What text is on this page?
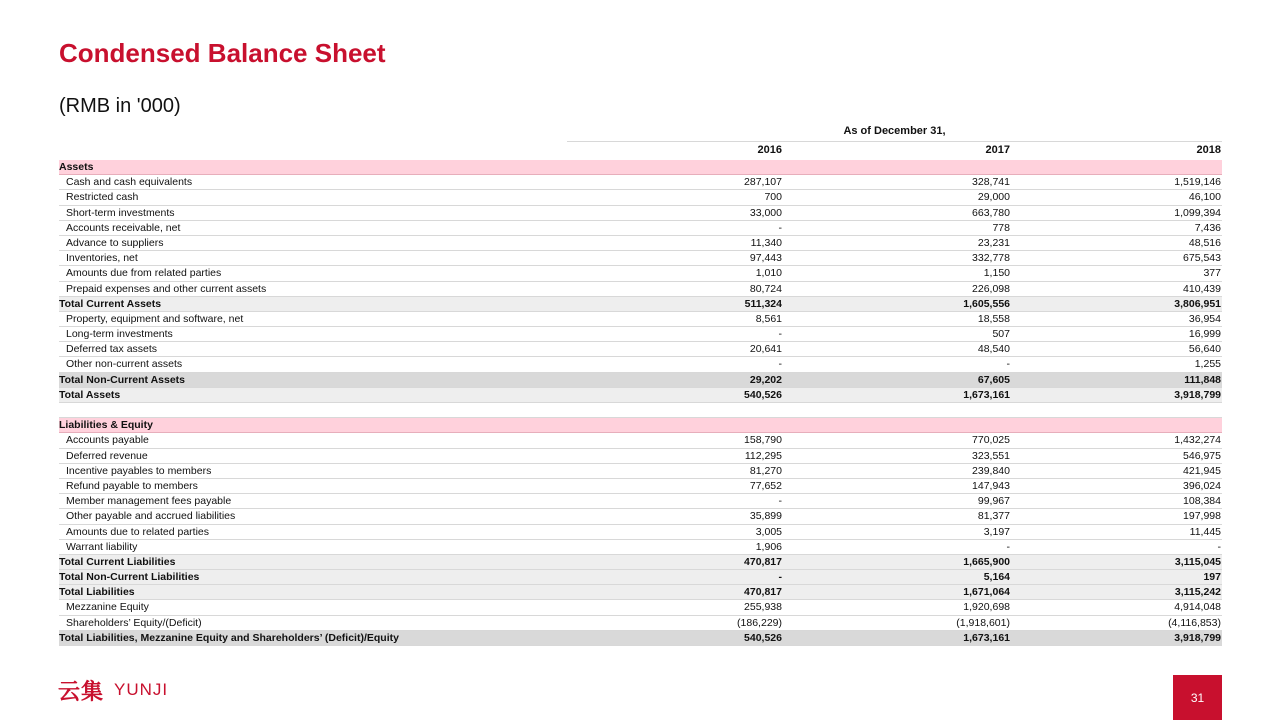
Condensed Balance Sheet
(RMB in '000)
As of December 31,
2016	2017	2018
Assets
Cash and cash equivalents	287,107	328,741	1,519,146
Restricted cash	700	29,000	46,100
Short-term investments	33,000	663,780	1,099,394
Accounts receivable, net	-	778	7,436
Advance to suppliers	11,340	23,231	48,516
Inventories, net	97,443	332,778	675,543
Amounts due from related parties	1,010	1,150	377
Prepaid expenses and other current assets	80,724	226,098	410,439
Total Current Assets	511,324	1,605,556	3,806,951
Property, equipment and software, net	8,561	18,558	36,954
Long-term investments	-	507	16,999
Deferred tax assets	20,641	48,540	56,640
Other non-current assets	-	-	1,255
Total Non-Current Assets	29,202	67,605	111,848
Total Assets	540,526	1,673,161	3,918,799
Liabilities & Equity
Accounts payable	158,790	770,025	1,432,274
Deferred revenue	112,295	323,551	546,975
Incentive payables to members	81,270	239,840	421,945
Refund payable to members	77,652	147,943	396,024
Member management fees payable	-	99,967	108,384
Other payable and accrued liabilities	35,899	81,377	197,998
Amounts due to related parties	3,005	3,197	11,445
Warrant liability	1,906	-	-
Total Current Liabilities	470,817	1,665,900	3,115,045
Total Non-Current Liabilities	-	5,164	197
Total Liabilities	470,817	1,671,064	3,115,242
Mezzanine Equity	255,938	1,920,698	4,914,048
Shareholders’ Equity/(Deficit)	(186,229)	(1,918,601)	(4,116,853)
Total Liabilities, Mezzanine Equity and Shareholders’ (Deficit)/Equity	540,526	1,673,161	3,918,799
云集 YUNJI	31
